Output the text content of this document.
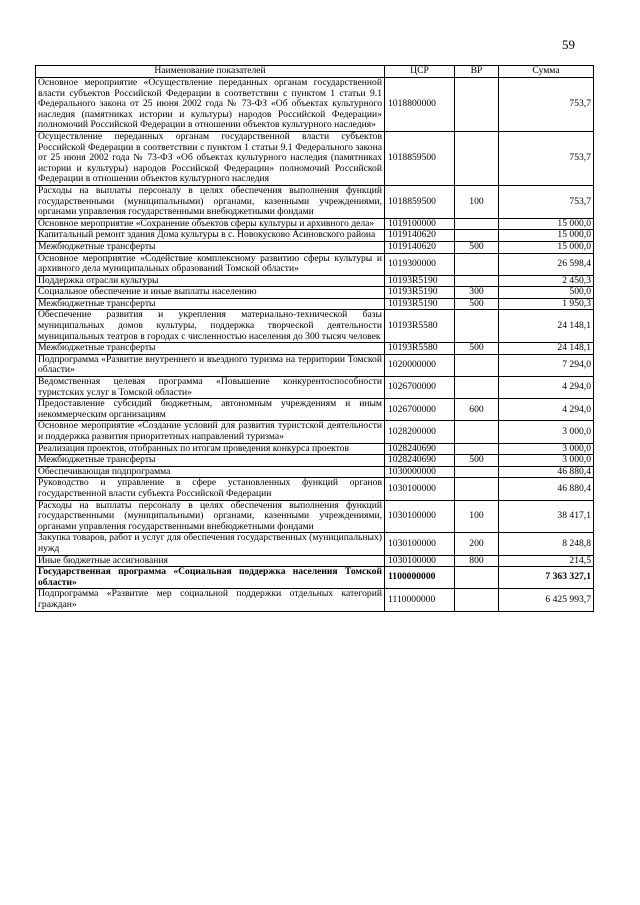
59
Наименование показателей	ЦСР	ВР	Сумма
Основное мероприятие «Осуществление переданных органам государственной власти субъектов Российской Федерации в соответствии с пунктом 1 статьи 9.1 Федерального закона от 25 июня 2002 года № 73-ФЗ «Об объектах культурного наследия (памятниках истории и культуры) народов Российской Федерации» полномочий Российской Федерации в отношении объектов культурного наследия»	1018800000		753,7
Осуществление переданных органам государственной власти субъектов Российской Федерации в соответствии с пунктом 1 статьи 9.1 Федерального закона от 25 июня 2002 года № 73-ФЗ «Об объектах культурного наследия (памятниках истории и культуры) народов Российской Федерации» полномочий Российской Федерации в отношении объектов культурного наследия	1018859500		753,7
Расходы на выплаты персоналу в целях обеспечения выполнения функций государственными (муниципальными) органами, казенными учреждениями, органами управления государственными внебюджетными фондами	1018859500	100	753,7
Основное мероприятие «Сохранение объектов сферы культуры и архивного дела»	1019100000		15 000,0
Капитальный ремонт здания Дома культуры в с. Новокусково Асиновского района	1019140620		15 000,0
Межбюджетные трансферты	1019140620	500	15 000,0
Основное мероприятие «Содействие комплексному развитию сферы культуры и архивного дела муниципальных образований Томской области»	1019300000		26 598,4
Поддержка отрасли культуры	10193R5190		2 450,3
Социальное обеспечение и иные выплаты населению	10193R5190	300	500,0
Межбюджетные трансферты	10193R5190	500	1 950,3
Обеспечение развития и укрепления материально-технической базы муниципальных домов культуры, поддержка творческой деятельности муниципальных театров в городах с численностью населения до 300 тысяч человек	10193R5580		24 148,1
Межбюджетные трансферты	10193R5580	500	24 148,1
Подпрограмма «Развитие внутреннего и въездного туризма на территории Томской области»	1020000000		7 294,0
Ведомственная целевая программа «Повышение конкурентоспособности туристских услуг в Томской области»	1026700000		4 294,0
Предоставление субсидий бюджетным, автономным учреждениям и иным некоммерческим организациям	1026700000	600	4 294,0
Основное мероприятие «Создание условий для развития туристской деятельности и поддержка развития приоритетных направлений туризма»	1028200000		3 000,0
Реализация проектов, отобранных по итогам проведения конкурса проектов	1028240690		3 000,0
Межбюджетные трансферты	1028240690	500	3 000,0
Обеспечивающая подпрограмма	1030000000		46 880,4
Руководство и управление в сфере установленных функций органов государственной власти субъекта Российской Федерации	1030100000		46 880,4
Расходы на выплаты персоналу в целях обеспечения выполнения функций государственными (муниципальными) органами, казенными учреждениями, органами управления государственными внебюджетными фондами	1030100000	100	38 417,1
Закупка товаров, работ и услуг для обеспечения государственных (муниципальных) нужд	1030100000	200	8 248,8
Иные бюджетные ассигнования	1030100000	800	214,5
Государственная программа «Социальная поддержка населения Томской области»	1100000000		7 363 327,1
Подпрограмма «Развитие мер социальной поддержки отдельных категорий граждан»	1110000000		6 425 993,7
